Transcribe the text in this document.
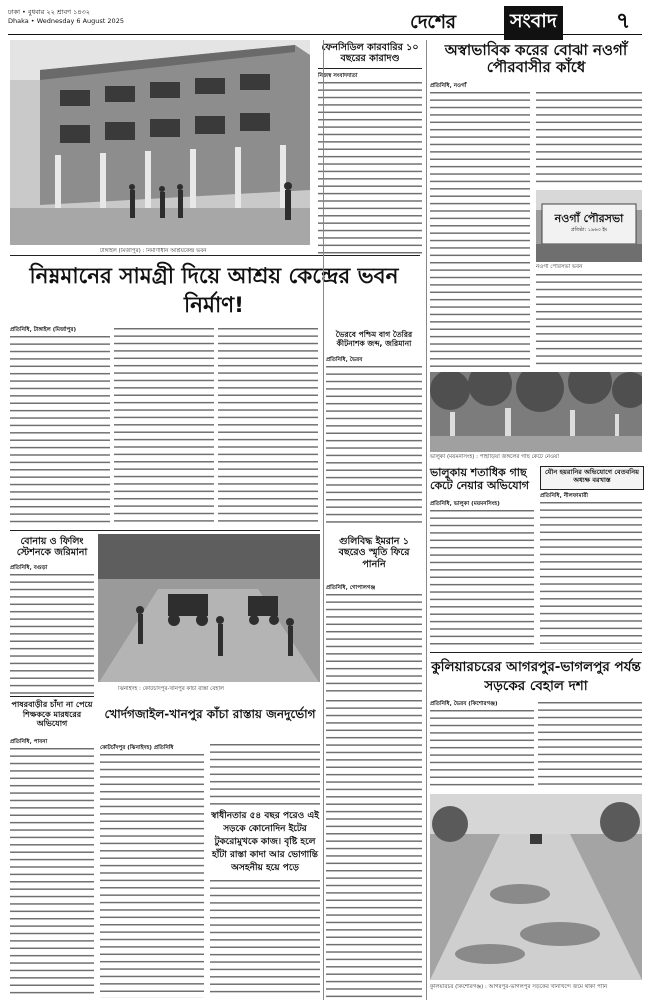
ঢাকা • বুধবার ২২ শ্রাবণ ১৪৩২
Dhaka • Wednesday 6 August 2025	দেশের	সংবাদ	৭
টাঙ্গাইল (মির্জাপুর) : নির্মাণাধীন আশ্রয়কেন্দ্র ভবন
ফেনসিডিল কারবারির ১০ বছরের কারাদণ্ড
নিজস্ব সংবাদদাতা
অস্বাভাবিক করের বোঝা নওগাঁ পৌরবাসীর কাঁধে
প্রতিনিধি, নওগাঁ
নওগাঁ পৌরসভা
প্রতিষ্ঠা: ১৯৬৩ ইং
নওগাঁ পৌরসভা ভবন
নিম্নমানের সামগ্রী দিয়ে আশ্রয় কেন্দ্রের ভবন নির্মাণ!
প্রতিনিধি, টাঙ্গাইল (মির্জাপুর)	ভৈরবে পশ্চিম বাগ তৈরির কীটনাশক জব্দ, জরিমানা
প্রতিনিধি, ভৈরব
ভালুকা (ময়মনসিংহ) : পাহাড়িয়া জঙ্গলের গাছ কেটে নেওয়া
ভালুকায় শতাধিক গাছ কেটে নেয়ার অভিযোগ
প্রতিনিধি, ভালুকা (ময়মনসিংহ)
যৌন হয়রানির অভিযোগে বেতবনিয় অধ্যক্ষ বরখাস্ত
প্রতিনিধি, নীলফামারী
বোনায় ও ফিলিং স্টেশনকে জরিমানা
প্রতিনিধি, বগুড়া
ঝিনাইদহ : কোটচাঁদপুর-খানপুর কাঁচা রাস্তা বেহাল
গুলিবিদ্ধ ইমরান ১ বছরেও স্মৃতি ফিরে পাননি
প্রতিনিধি, গোপালগঞ্জ
পাষরবাড়ীর চাঁদা না পেয়ে শিক্ষককে মারধরের অভিযোগ
প্রতিনিধি, পাবনা
খোর্দগজাইল-খানপুর কাঁচা রাস্তায় জনদুর্ভোগ
কোটচাঁদপুর (ঝিনাইদহ) প্রতিনিধি
স্বাধীনতার ৫৪ বছর পরেও এই সড়কে কোনোদিন ইটের টুকরোমুখকে কাজ। বৃষ্টি হলে হাঁটা রাস্তা কাদা আর ভোগান্তি অসহনীয় হয়ে পড়ে
কুলিয়ারচরের আগরপুর-ভাগলপুর পর্যন্ত সড়কের বেহাল দশা
প্রতিনিধি, ভৈরব (কিশোরগঞ্জ)
কুলিয়ারচর (কিশোরগঞ্জ) : আগরপুর-ভাগলপুর সড়কের খানাখন্দে জমে থাকা পানি
